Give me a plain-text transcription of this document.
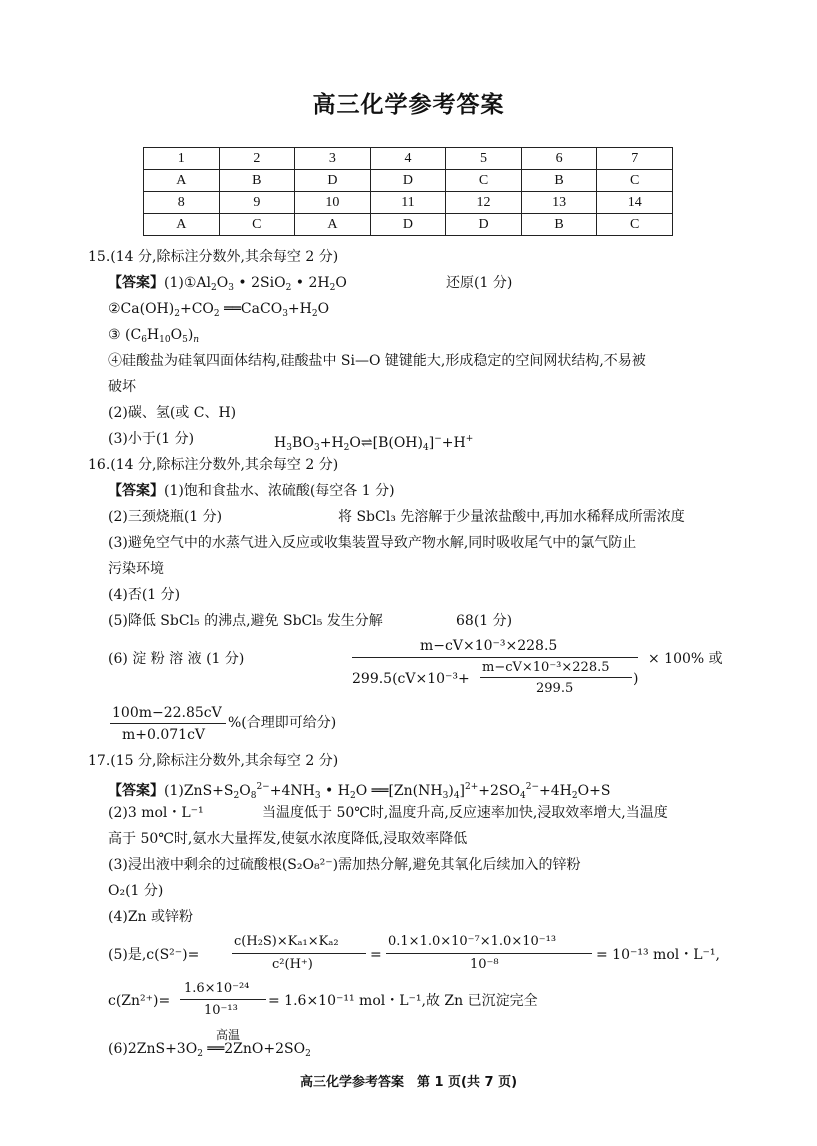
高三化学参考答案
1	2	3	4	5	6	7
A	B	D	D	C	B	C
8	9	10	11	12	13	14
A	C	A	D	D	B	C
15.(14 分,除标注分数外,其余每空 2 分)
【答案】$(1)①Al_2O_3$ • 2SiO$_2$ • $2H_2O$	还原(1 分)
$②Ca(OH)_2+CO_2$ $══CaCO_3+H_2O$
③ $(C_6H_{10}O_5)_n$
④硅酸盐为硅氧四面体结构,硅酸盐中 Si—O 键键能大,形成稳定的空间网状结构,不易被
破坏
(2)碳、氢(或 C、H)
(3)小于(1 分)	$H_3BO_3+H_2O\rightleftharpoons[B(OH)_4]^-+H^+$
16.(14 分,除标注分数外,其余每空 2 分)
【答案】(1)饱和食盐水、浓硫酸(每空各 1 分)
(2)三颈烧瓶(1 分)	将 SbCl₃ 先溶解于少量浓盐酸中,再加水稀释成所需浓度
(3)避免空气中的水蒸气进入反应或收集装置导致产物水解,同时吸收尾气中的氯气防止
污染环境
(4)否(1 分)
(5)降低 SbCl₅ 的沸点,避免 SbCl₅ 发生分解	68(1 分)
(6) 淀 粉 溶 液 (1 分)
m−cV×10⁻³×228.5
299.5(cV×10⁻³+
m−cV×10⁻³×228.5
299.5
)
× 100% 或
100m−22.85cV
m+0.071cV
%(合理即可给分)
17.(15 分,除标注分数外,其余每空 2 分)
【答案】$(1)ZnS+S_2O_8^{2-}+4NH_3$ • $H_2O$ $══[Zn(NH_3)_4]^{2+}+2SO_4^{2-}+4H_2O+S$
(2)3 mol・L⁻¹	当温度低于 50℃时,温度升高,反应速率加快,浸取效率增大,当温度
高于 50℃时,氨水大量挥发,使氨水浓度降低,浸取效率降低
(3)浸出液中剩余的过硫酸根(S₂O₈²⁻)需加热分解,避免其氧化后续加入的锌粉
O₂(1 分)
(4)Zn 或锌粉
(5)是,c(S²⁻)=
c(H₂S)×Kₐ₁×Kₐ₂
c²(H⁺)
=
0.1×1.0×10⁻⁷×1.0×10⁻¹³
10⁻⁸
= 10⁻¹³ mol・L⁻¹,
c(Zn²⁺)=
1.6×10⁻²⁴
10⁻¹³
= 1.6×10⁻¹¹ mol・L⁻¹,故 Zn 已沉淀完全
高温
$(6)2ZnS+3O_2$ $══2ZnO+2SO_2$
高三化学参考答案　第 1 页(共 7 页)
